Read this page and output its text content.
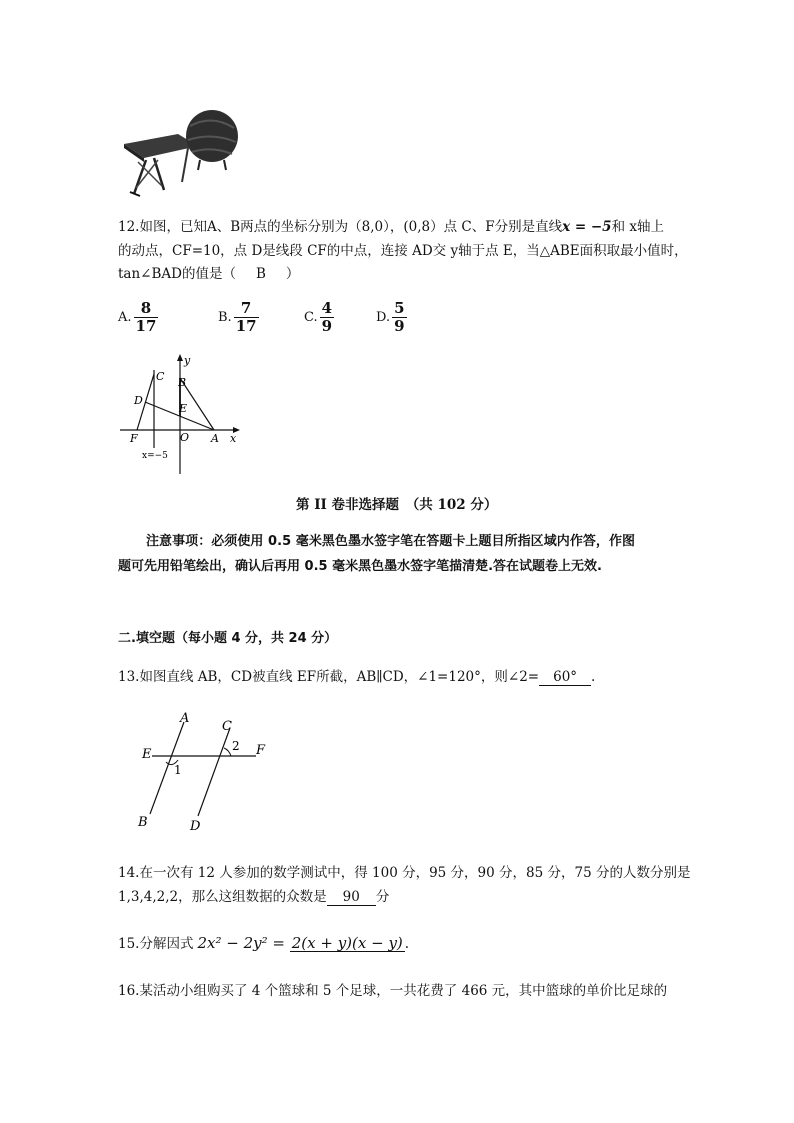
12.如图，已知A、B两点的坐标分别为（8,0），(0,8）点 C、F分别是直线x = −5和 x轴上
的动点，CF=10，点 D是线段 CF的中点，连接 AD交 y轴于点 E，当△ABE面积取最小值时，
tan∠BAD的值是（ B ）
A. $\frac{8}{17}$	B. $\frac{7}{17}$	C. $\frac{4}{9}$	D. $\frac{5}{9}$
y
x
C B
D
E
F	O A
x=−5
第 II 卷非选择题　（共 102 分）
注意事项：必须使用 0.5 毫米黑色墨水签字笔在答题卡上题目所指区域内作答，作图
题可先用铅笔绘出，确认后再用 0.5 毫米黑色墨水签字笔描清楚.答在试题卷上无效.
二.填空题（每小题 4 分，共 24 分）
13.如图直线 AB，CD被直线 EF所截，AB∥CD，∠1=120°，则∠2= 60° .
A
C
2 F
E
1
B	D
14.在一次有 12 人参加的数学测试中，得 100 分，95 分，90 分，85 分，75 分的人数分别是
1,3,4,2,2，那么这组数据的众数是 90 分
15.分解因式 2x² − 2y² = 2(x + y)(x − y) .
16.某活动小组购买了 4 个篮球和 5 个足球，一共花费了 466 元，其中篮球的单价比足球的
